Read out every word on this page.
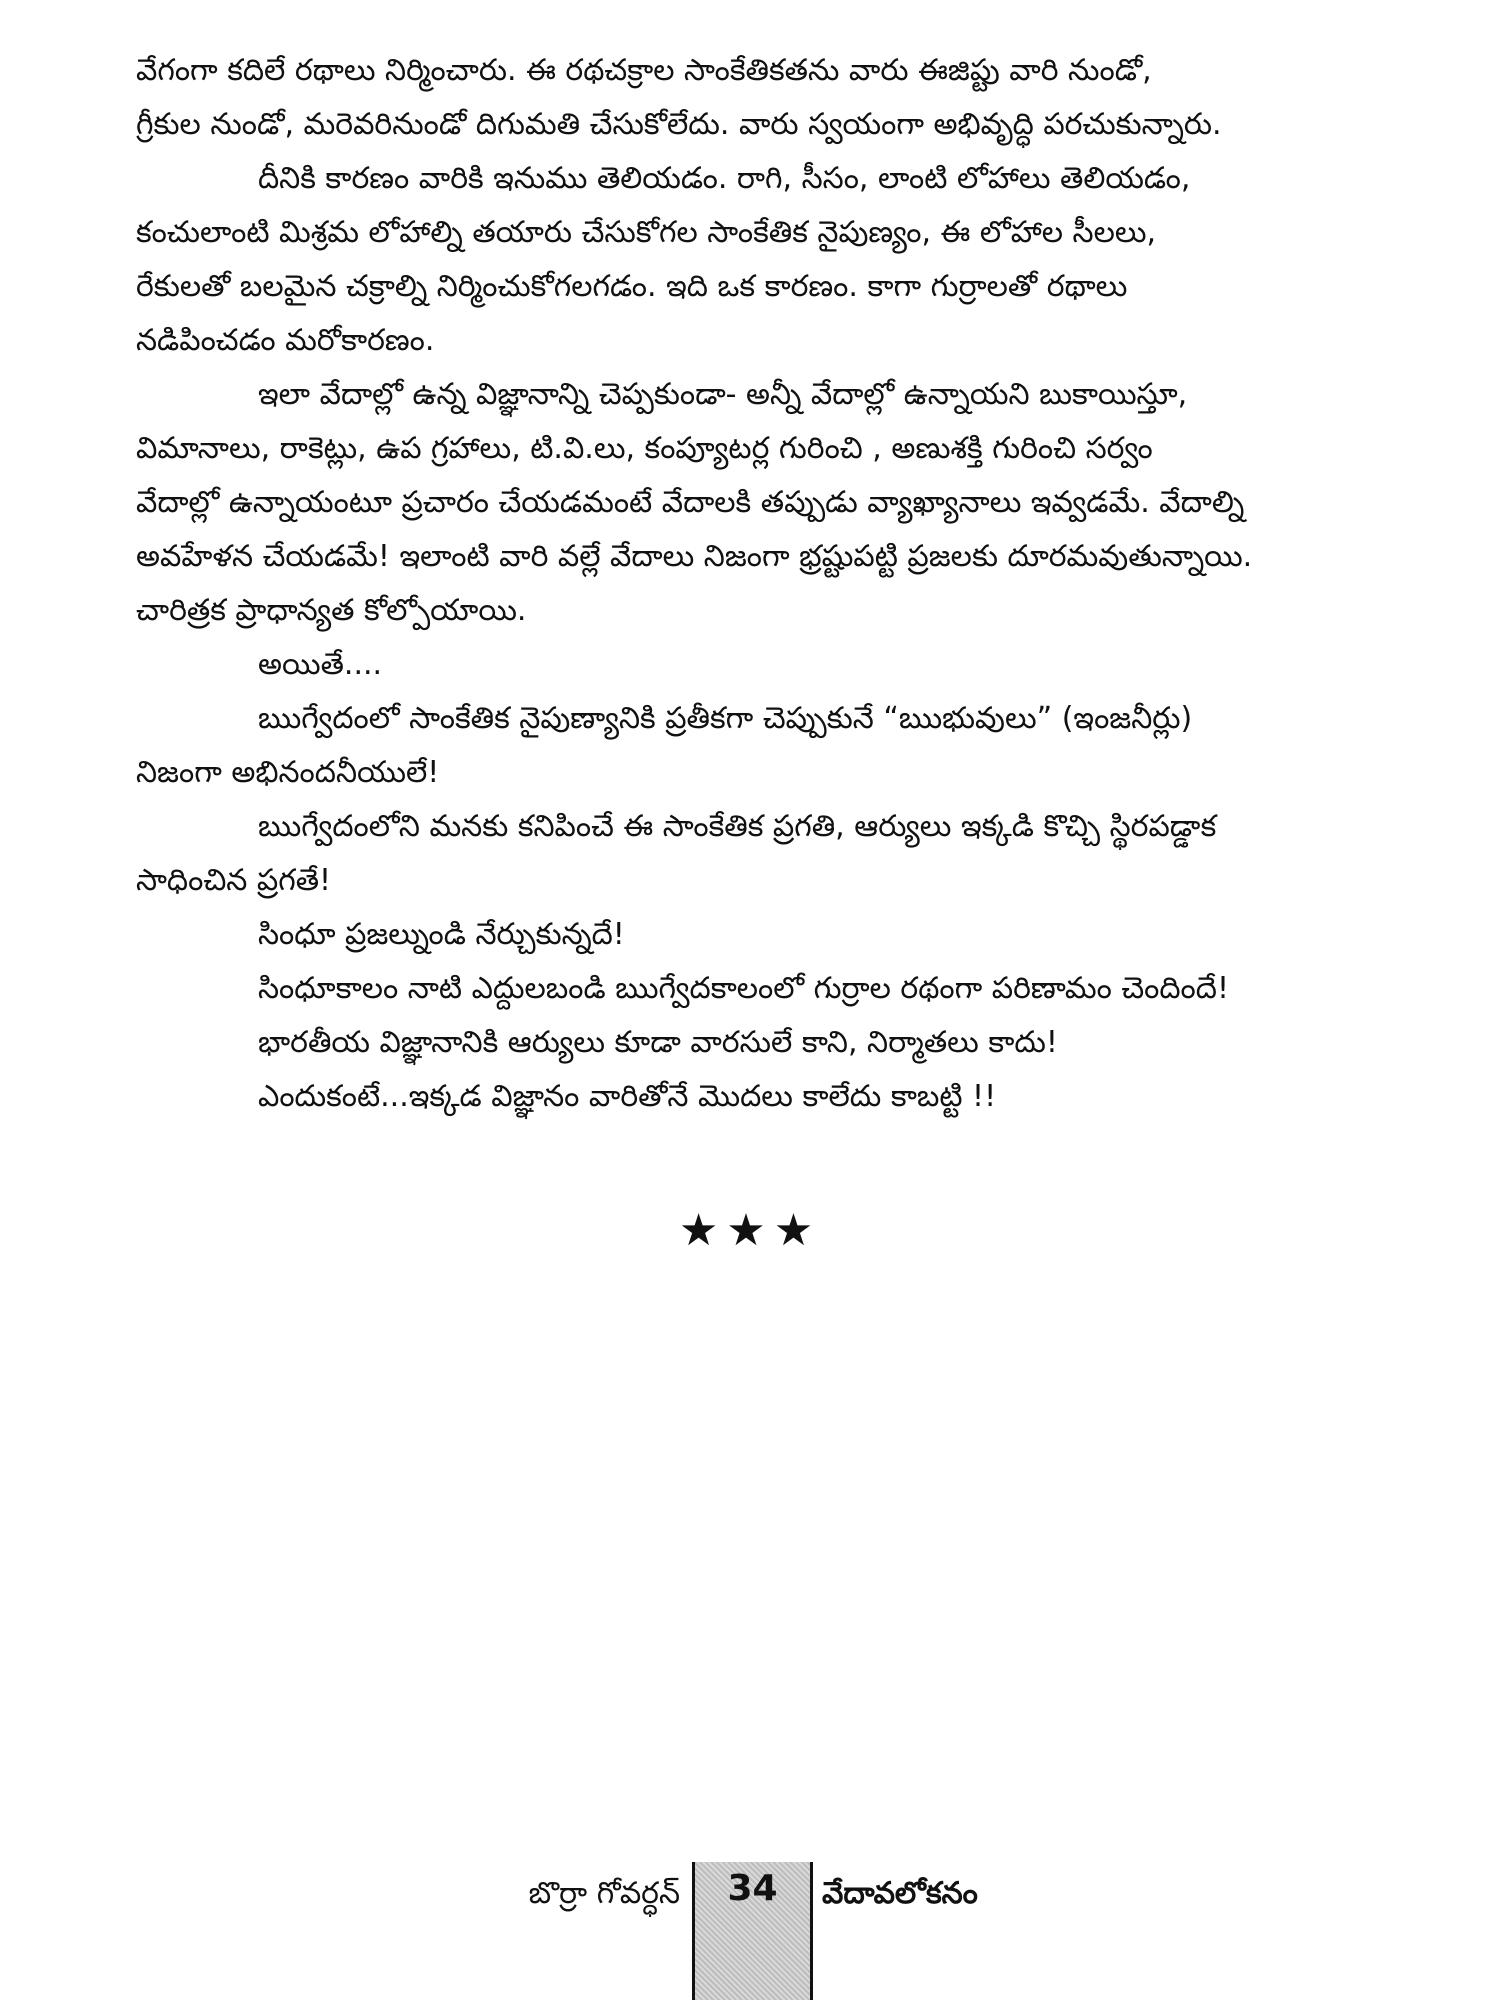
వేగంగా కదిలే రథాలు నిర్మించారు. ఈ రథచక్రాల సాంకేతికతను వారు ఈజిప్టు వారి నుండో,
గ్రీకుల నుండో, మరెవరినుండో దిగుమతి చేసుకోలేదు. వారు స్వయంగా అభివృద్ధి పరచుకున్నారు.
దీనికి కారణం వారికి ఇనుము తెలియడం. రాగి, సీసం, లాంటి లోహాలు తెలియడం,
కంచులాంటి మిశ్రమ లోహాల్ని తయారు చేసుకోగల సాంకేతిక నైపుణ్యం, ఈ లోహాల సీలలు,
రేకులతో బలమైన చక్రాల్ని నిర్మించుకోగలగడం. ఇది ఒక కారణం. కాగా గుర్రాలతో రథాలు
నడిపించడం మరోకారణం.
ఇలా వేదాల్లో ఉన్న విజ్ఞానాన్ని చెప్పకుండా- అన్నీ వేదాల్లో ఉన్నాయని బుకాయిస్తూ,
విమానాలు, రాకెట్లు, ఉప గ్రహాలు, టి.వి.లు, కంప్యూటర్ల గురించి , అణుశక్తి గురించి సర్వం
వేదాల్లో ఉన్నాయంటూ ప్రచారం చేయడమంటే వేదాలకి తప్పుడు వ్యాఖ్యానాలు ఇవ్వడమే. వేదాల్ని
అవహేళన చేయడమే! ఇలాంటి వారి వల్లే వేదాలు నిజంగా భ్రష్టుపట్టి ప్రజలకు దూరమవుతున్నాయి.
చారిత్రక ప్రాధాన్యత కోల్పోయాయి.
అయితే....
ఋగ్వేదంలో సాంకేతిక నైపుణ్యానికి ప్రతీకగా చెప్పుకునే “ఋభువులు” (ఇంజనీర్లు)
నిజంగా అభినందనీయులే!
ఋగ్వేదంలోని మనకు కనిపించే ఈ సాంకేతిక ప్రగతి, ఆర్యులు ఇక్కడి కొచ్చి స్థిరపడ్డాక
సాధించిన ప్రగతే!
సింధూ ప్రజల్నుండి నేర్చుకున్నదే!
సింధూకాలం నాటి ఎద్దులబండి ఋగ్వేదకాలంలో గుర్రాల రథంగా పరిణామం చెందిందే!
భారతీయ విజ్ఞానానికి ఆర్యులు కూడా వారసులే కాని, నిర్మాతలు కాదు!
ఎందుకంటే...ఇక్కడ విజ్ఞానం వారితోనే మొదలు కాలేదు కాబట్టి !!
★★★
బొర్రా గోవర్ధన్	34	వేదావలోకనం
